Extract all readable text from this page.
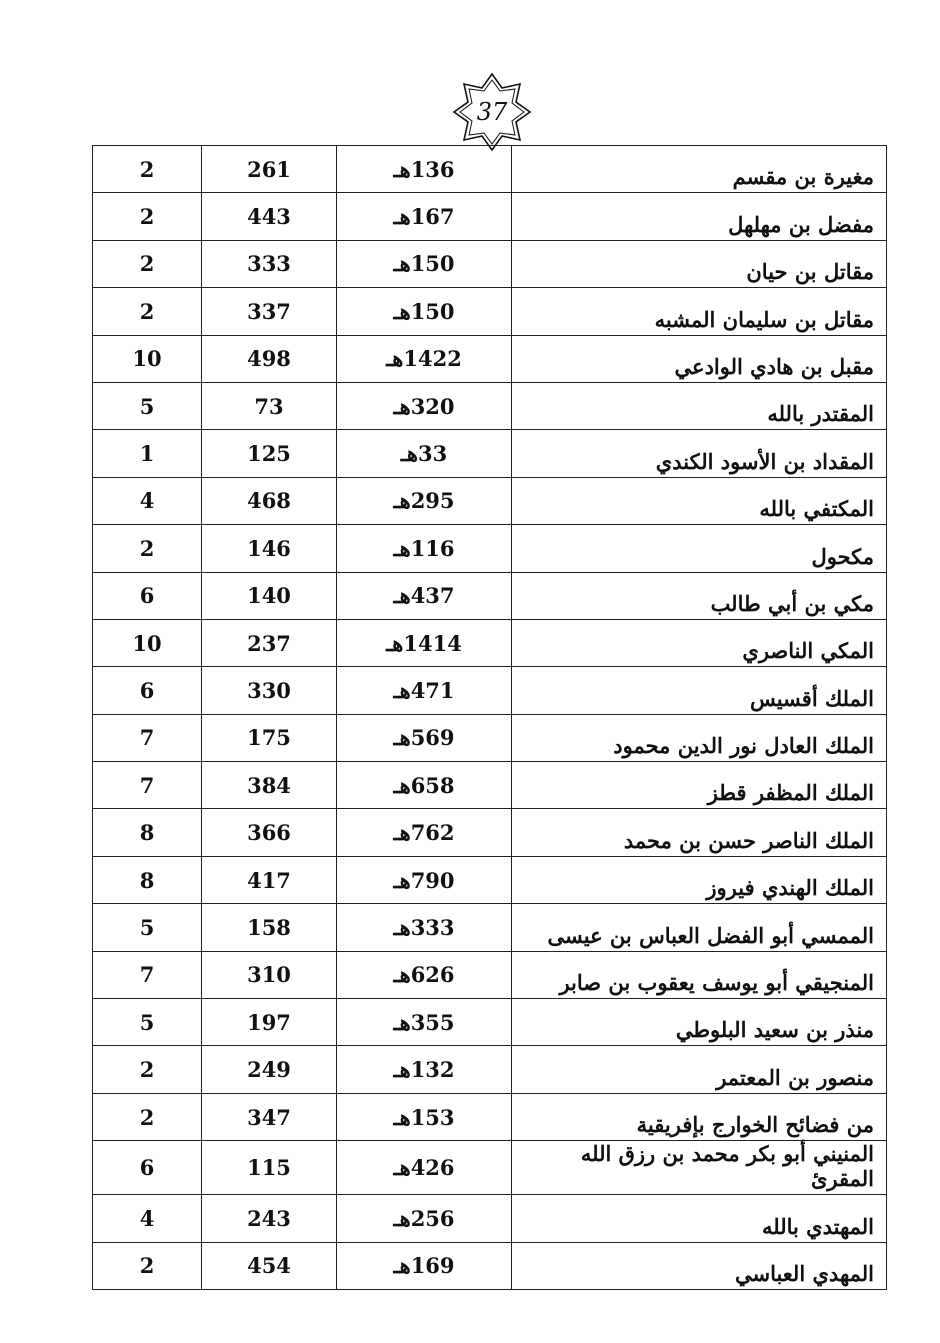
37
2	261	136هـ	مغيرة بن مقسم
2	443	167هـ	مفضل بن مهلهل
2	333	150هـ	مقاتل بن حيان
2	337	150هـ	مقاتل بن سليمان المشبه
10	498	1422هـ	مقبل بن هادي الوادعي
5	73	320هـ	المقتدر بالله
1	125	33هـ	المقداد بن الأسود الكندي
4	468	295هـ	المكتفي بالله
2	146	116هـ	مكحول
6	140	437هـ	مكي بن أبي طالب
10	237	1414هـ	المكي الناصري
6	330	471هـ	الملك أقسيس
7	175	569هـ	الملك العادل نور الدين محمود
7	384	658هـ	الملك المظفر قطز
8	366	762هـ	الملك الناصر حسن بن محمد
8	417	790هـ	الملك الهندي فيروز
5	158	333هـ	الممسي أبو الفضل العباس بن عيسى
7	310	626هـ	المنجيقي أبو يوسف يعقوب بن صابر
5	197	355هـ	منذر بن سعيد البلوطي
2	249	132هـ	منصور بن المعتمر
2	347	153هـ	من فضائح الخوارج بإفريقية
6	115	426هـ	المنيني أبو بكر محمد بن رزق الله المقرئ
4	243	256هـ	المهتدي بالله
2	454	169هـ	المهدي العباسي
